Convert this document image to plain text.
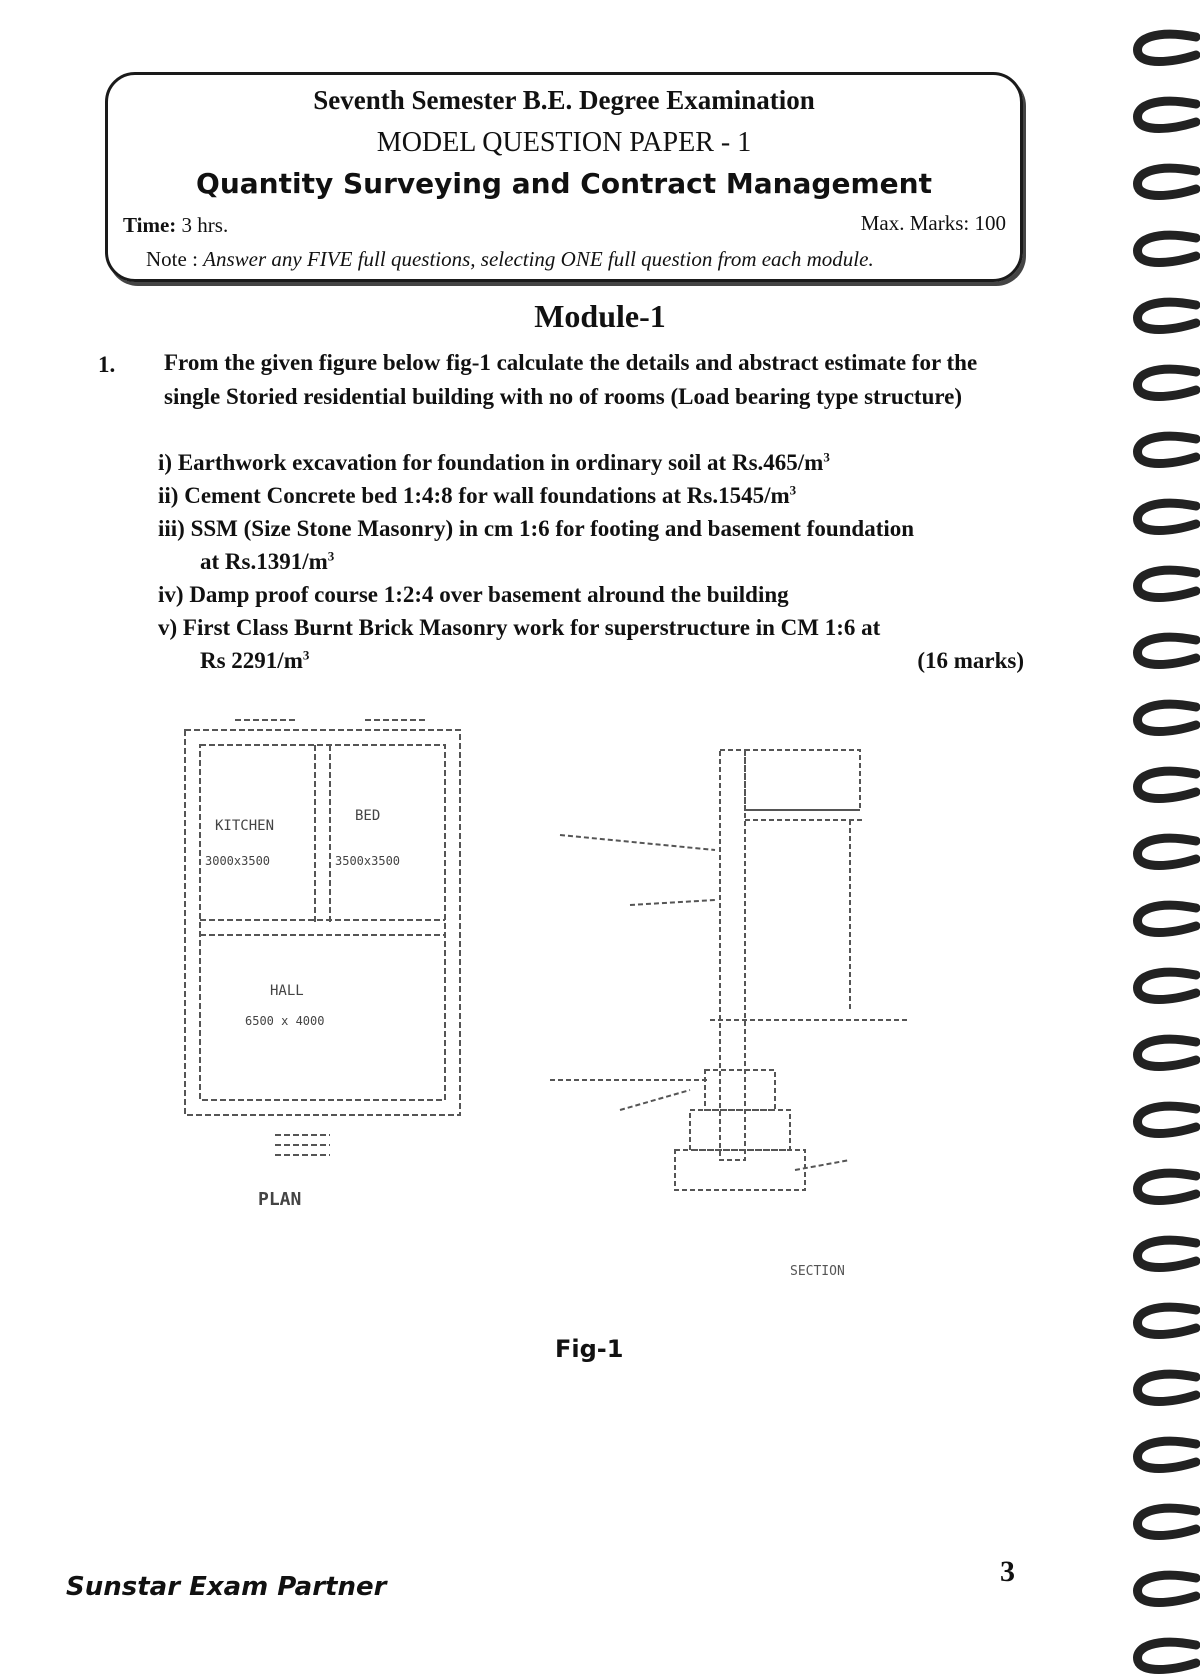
Seventh Semester B.E. Degree Examination
MODEL QUESTION PAPER - 1
Quantity Surveying and Contract Management
Time: 3 hrs.	Max. Marks: 100
Note : Answer any FIVE full questions, selecting ONE full question from each module.
Module-1
1. From the given figure below fig-1 calculate the details and abstract estimate for the single Storied residential building with no of rooms (Load bearing type structure)
i) Earthwork excavation for foundation in ordinary soil at $Rs.465/m^3$
ii) Cement Concrete bed 1:4:8 for wall foundations at $Rs.1545/m^3$
iii) SSM (Size Stone Masonry) in cm 1:6 for footing and basement foundation
at $Rs.1391/m^3$
iv) Damp proof course 1:2:4 over basement alround the building
v) First Class Burnt Brick Masonry work for superstructure in CM 1:6 at
Rs $2291/m^3$	(16 marks)
KITCHEN
3000x3500
BED
3500x3500
HALL
6500 x 4000
PLAN
SECTION
Fig-1
Sunstar Exam Partner	3
